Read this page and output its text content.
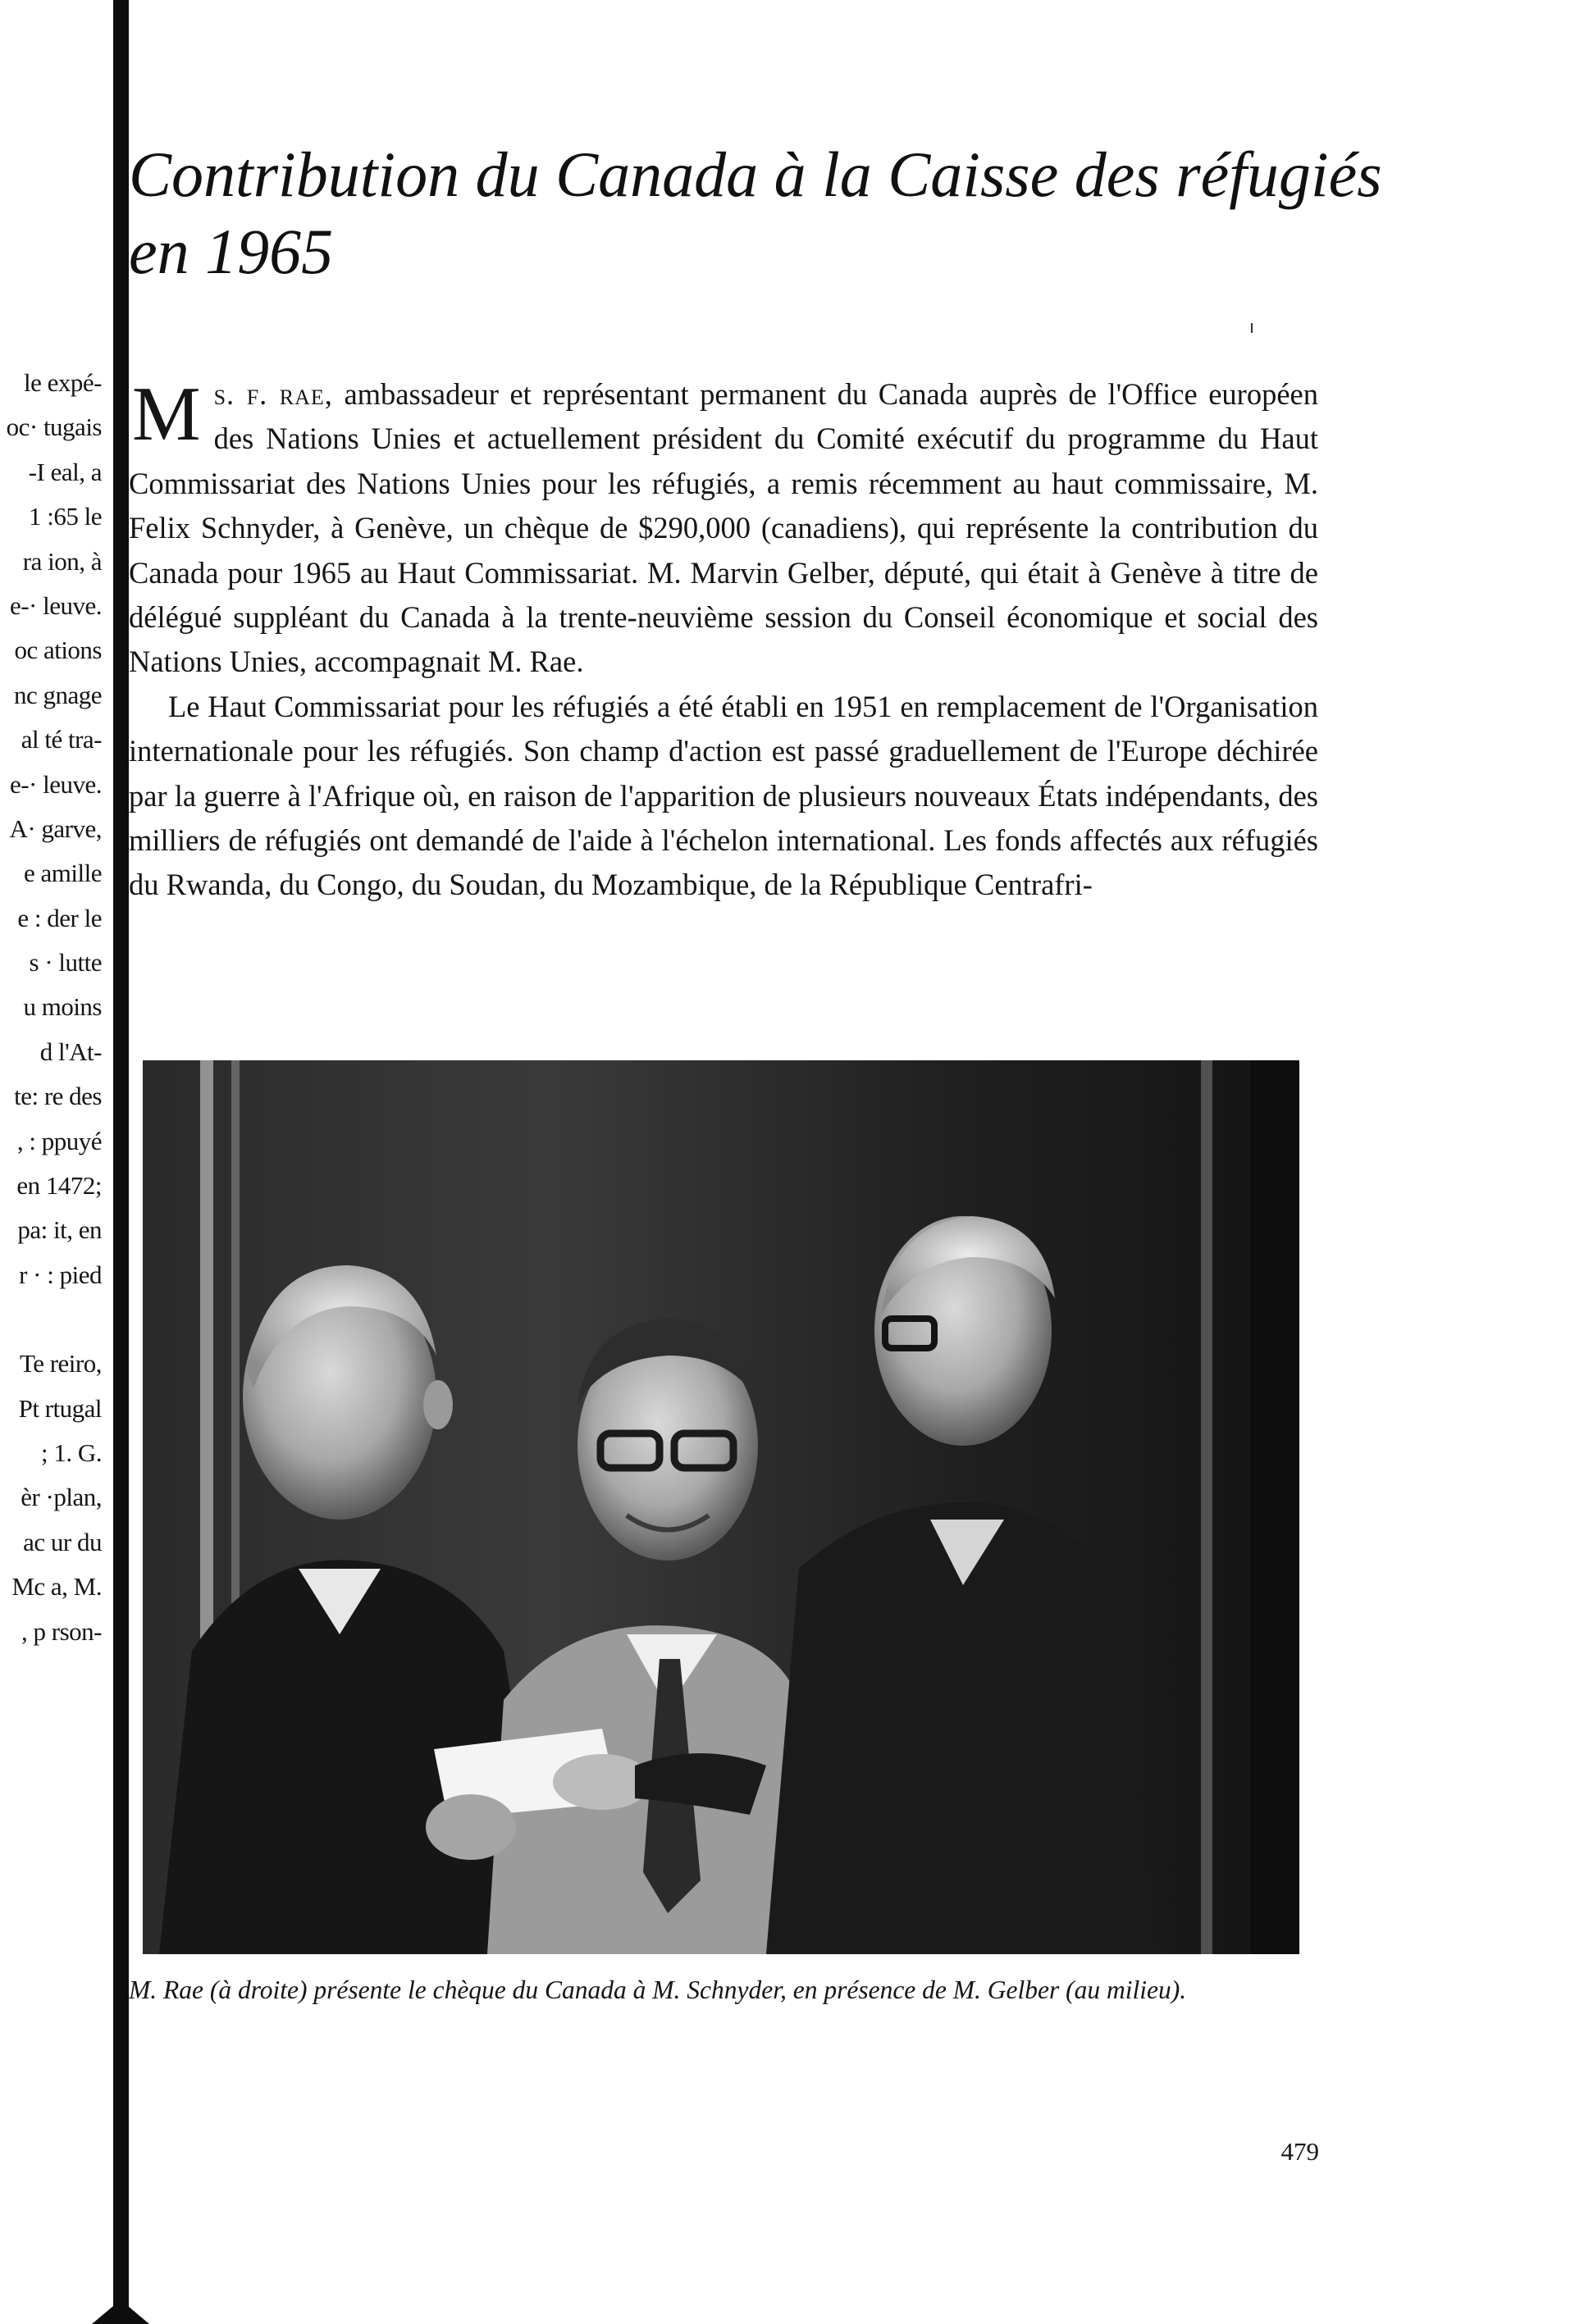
le expé-
oc· tugais
-I eal, a
1 :65 le
ra ion, à
e-· leuve.
oc ations
nc gnage
al té tra-
e-· leuve.
A· garve,
e amille
e : der le
s · lutte
u moins
d l'At-
te: re des
, : ppuyé
en 1472;
pa: it, en
r · : pied
Te reiro,
Pt rtugal
; 1. G.
èr ·plan,
ac ur du
Mc a, M.
, p rson-
Contribution du Canada à la Caisse des réfugiés en 1965

Ms. f. rae, ambassadeur et représentant permanent du Canada auprès de l'Office européen des Nations Unies et actuellement président du Comité exécutif du programme du Haut Commissariat des Nations Unies pour les réfugiés, a remis récemment au haut commissaire, M. Felix Schnyder, à Genève, un chèque de $290,000 (canadiens), qui représente la contribution du Canada pour 1965 au Haut Commissariat. M. Marvin Gelber, député, qui était à Genève à titre de délégué suppléant du Canada à la trente-neuvième session du Conseil économique et social des Nations Unies, accompagnait M. Rae.

Le Haut Commissariat pour les réfugiés a été établi en 1951 en remplacement de l'Organisation internationale pour les réfugiés. Son champ d'action est passé graduellement de l'Europe déchirée par la guerre à l'Afrique où, en raison de l'apparition de plusieurs nouveaux États indépendants, des milliers de réfugiés ont demandé de l'aide à l'échelon international. Les fonds affectés aux réfugiés du Rwanda, du Congo, du Soudan, du Mozambique, de la République Centrafri-

M. Rae (à droite) présente le chèque du Canada à M. Schnyder, en présence de M. Gelber (au milieu).

479
